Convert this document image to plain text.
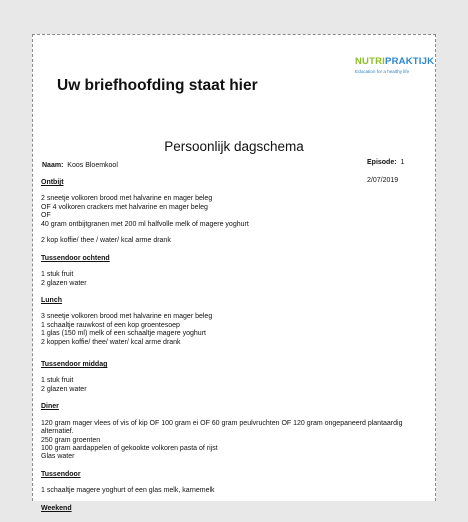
NUTRIPRAKTIJK
Education for a healthy life
Uw briefhoofding staat hier
Persoonlijk dagschema
Naam: Koos Bloemkool	Episode: 1
2/07/2019
Ontbijt
2 sneetje volkoren brood met halvarine en mager beleg
OF 4 volkoren crackers met halvarine en mager beleg
OF
40 gram ontbijtgranen met 200 ml halfvolle melk of magere yoghurt
2 kop koffie/ thee / water/ kcal arme drank
Tussendoor ochtend
1 stuk fruit
2 glazen water
Lunch
3 sneetje volkoren brood met halvarine en mager beleg
1 schaaltje rauwkost of een kop groentesoep
1 glas (150 ml) melk of een schaaltje magere yoghurt
2 koppen koffie/ thee/ water/ kcal arme drank
Tussendoor middag
1 stuk fruit
2 glazen water
Diner
120 gram mager vlees of vis of kip OF 100 gram ei OF 60 gram peulvruchten OF 120 gram ongepaneerd plantaardig
alternatief.
250 gram groenten
100 gram aardappelen of gekookte volkoren pasta of rijst
Glas water
Tussendoor
1 schaaltje magere yoghurt of een glas melk, karnemelk
Weekend
